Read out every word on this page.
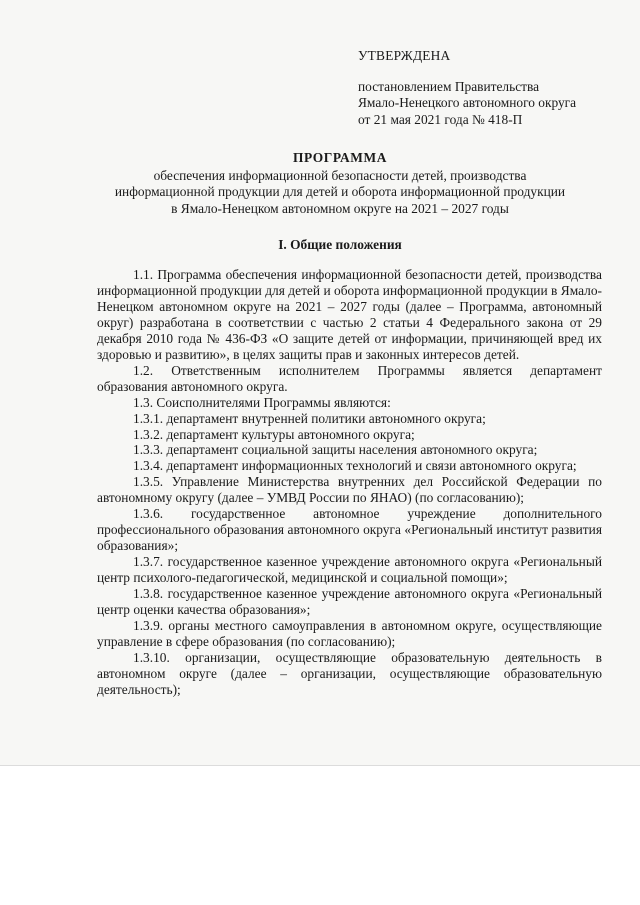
УТВЕРЖДЕНА
постановлением Правительства
Ямало-Ненецкого автономного округа
от 21 мая 2021 года № 418-П
ПРОГРАММА
обеспечения информационной безопасности детей, производства
информационной продукции для детей и оборота информационной продукции
в Ямало-Ненецком автономном округе на 2021 – 2027 годы
I. Общие положения

1.1. Программа обеспечения информационной безопасности детей, производства информационной продукции для детей и оборота информационной продукции в Ямало-Ненецком автономном округе на 2021 – 2027 годы (далее – Программа, автономный округ) разработана в соответствии с частью 2 статьи 4 Федерального закона от 29 декабря 2010 года № 436-ФЗ «О защите детей от информации, причиняющей вред их здоровью и развитию», в целях защиты прав и законных интересов детей.

1.2. Ответственным исполнителем Программы является департамент образования автономного округа.

1.3. Соисполнителями Программы являются:

1.3.1. департамент внутренней политики автономного округа;

1.3.2. департамент культуры автономного округа;

1.3.3. департамент социальной защиты населения автономного округа;

1.3.4. департамент информационных технологий и связи автономного округа;

1.3.5. Управление Министерства внутренних дел Российской Федерации по автономному округу (далее – УМВД России по ЯНАО) (по согласованию);

1.3.6. государственное автономное учреждение дополнительного профессионального образования автономного округа «Региональный институт развития образования»;

1.3.7. государственное казенное учреждение автономного округа «Региональный центр психолого-педагогической, медицинской и социальной помощи»;

1.3.8. государственное казенное учреждение автономного округа «Региональный центр оценки качества образования»;

1.3.9. органы местного самоуправления в автономном округе, осуществляющие управление в сфере образования (по согласованию);

1.3.10. организации, осуществляющие образовательную деятельность в автономном округе (далее – организации, осуществляющие образовательную деятельность);
